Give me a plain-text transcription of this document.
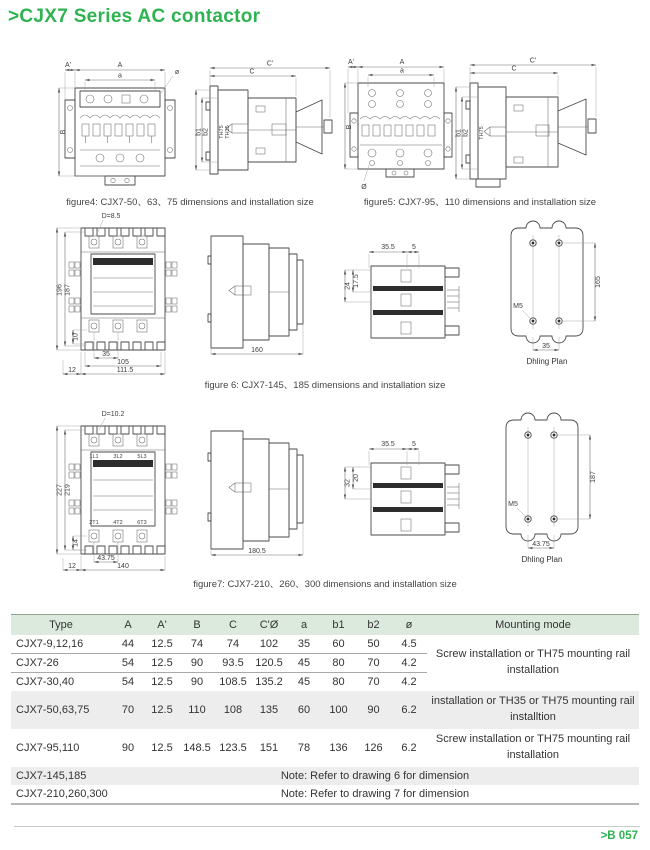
>CJX7 Series AC contactor
A'	A
a	ø
B
C'
C
b1 b2 TH75 TH35
figure4: CJX7-50、63、75 dimensions and installation size
A'	A
a
B
Ø
C'
C
b1 b2 TH75
figure5: CJX7-95、110 dimensions and installation size
D=8.5
196 187
10
35
105
111.5
12
160
35.5 5
24 17.5	165
M5
35
Dhling Plan
figure 6: CJX7-145、185 dimensions and installation size
1L1	3L2	5L3
2T1	4T2	6T3
D=10.2
227 219
14
43.75
140
12
180.5
35.5 5
32
20	187
M5
43.75
Dhling Plan
figure7: CJX7-210、260、300 dimensions and installation size
Type	A	A'	B	C	C'Ø	a	b1	b2	ø	Mounting mode
CJX7-9,12,16	44	12.5	74	74	102	35	60	50	4.5	Screw installation or TH75 mounting rail installation
CJX7-26	54	12.5	90	93.5	120.5	45	80	70	4.2	
CJX7-30,40	54	12.5	90	108.5	135.2	45	80	70	4.2	
CJX7-50,63,75	70	12.5	110	108	135	60	100	90	6.2	installation or TH35 or TH75 mounting rail installtion
CJX7-95,110	90	12.5	148.5	123.5	151	78	136	126	6.2	Screw installation or TH75 mounting rail installation
CJX7-145,185	Note: Refer to drawing 6 for dimension									
CJX7-210,260,300	Note: Refer to drawing 7 for dimension									
>B 057
